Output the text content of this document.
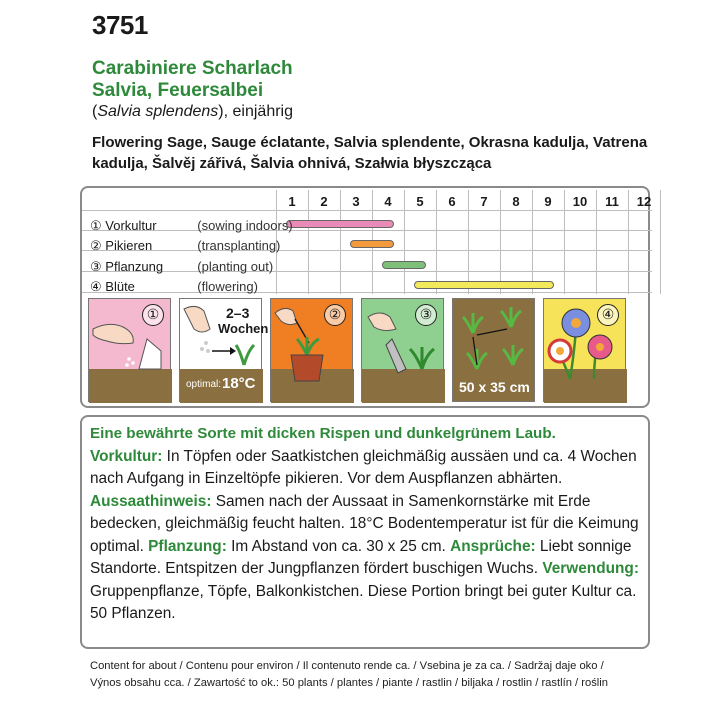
3751
Carabiniere Scharlach
Salvia, Feuersalbei
(Salvia splendens), einjährig
Flowering Sage, Sauge éclatante, Salvia splendente, Okrasna kadulja, Vatrena
kadulja, Šalvěj zářivá, Šalvia ohnivá, Szałwia błyszcząca
1	2	3	4	5	6	7	8	9	10	11	12
① Vorkultur	(sowing indoors)
② Pikieren	(transplanting)
③ Pflanzung	(planting out)
④ Blüte	(flowering)
①	2–3
Wochen
optimal: 18°C
②	③
50 x 35 cm
④

Eine bewährte Sorte mit dicken Rispen und dunkelgrünem Laub.

Vorkultur: In Töpfen oder Saatkistchen gleichmäßig aussäen und ca. 4 Wochen nach Aufgang in Einzeltöpfe pikieren. Vor dem Auspflanzen abhärten. Aussaathinweis: Samen nach der Aussaat in Samenkornstärke mit Erde bedecken, gleichmäßig feucht halten. 18°C Bodentemperatur ist für die Keimung optimal. Pflanzung: Im Abstand von ca. 30 x 25 cm. Ansprüche: Liebt sonnige Standorte. Entspitzen der Jungpflanzen fördert buschigen Wuchs. Verwendung: Gruppenpflanze, Töpfe, Balkonkistchen. Diese Portion bringt bei guter Kultur ca. 50 Pflanzen.

Content for about / Contenu pour environ / Il contenuto rende ca. / Vsebina je za ca. / Sadržaj daje oko /
Výnos obsahu cca. / Zawartość to ok.: 50 plants / plantes / piante / rastlin / biljaka / rostlin / rastlín / roślin
